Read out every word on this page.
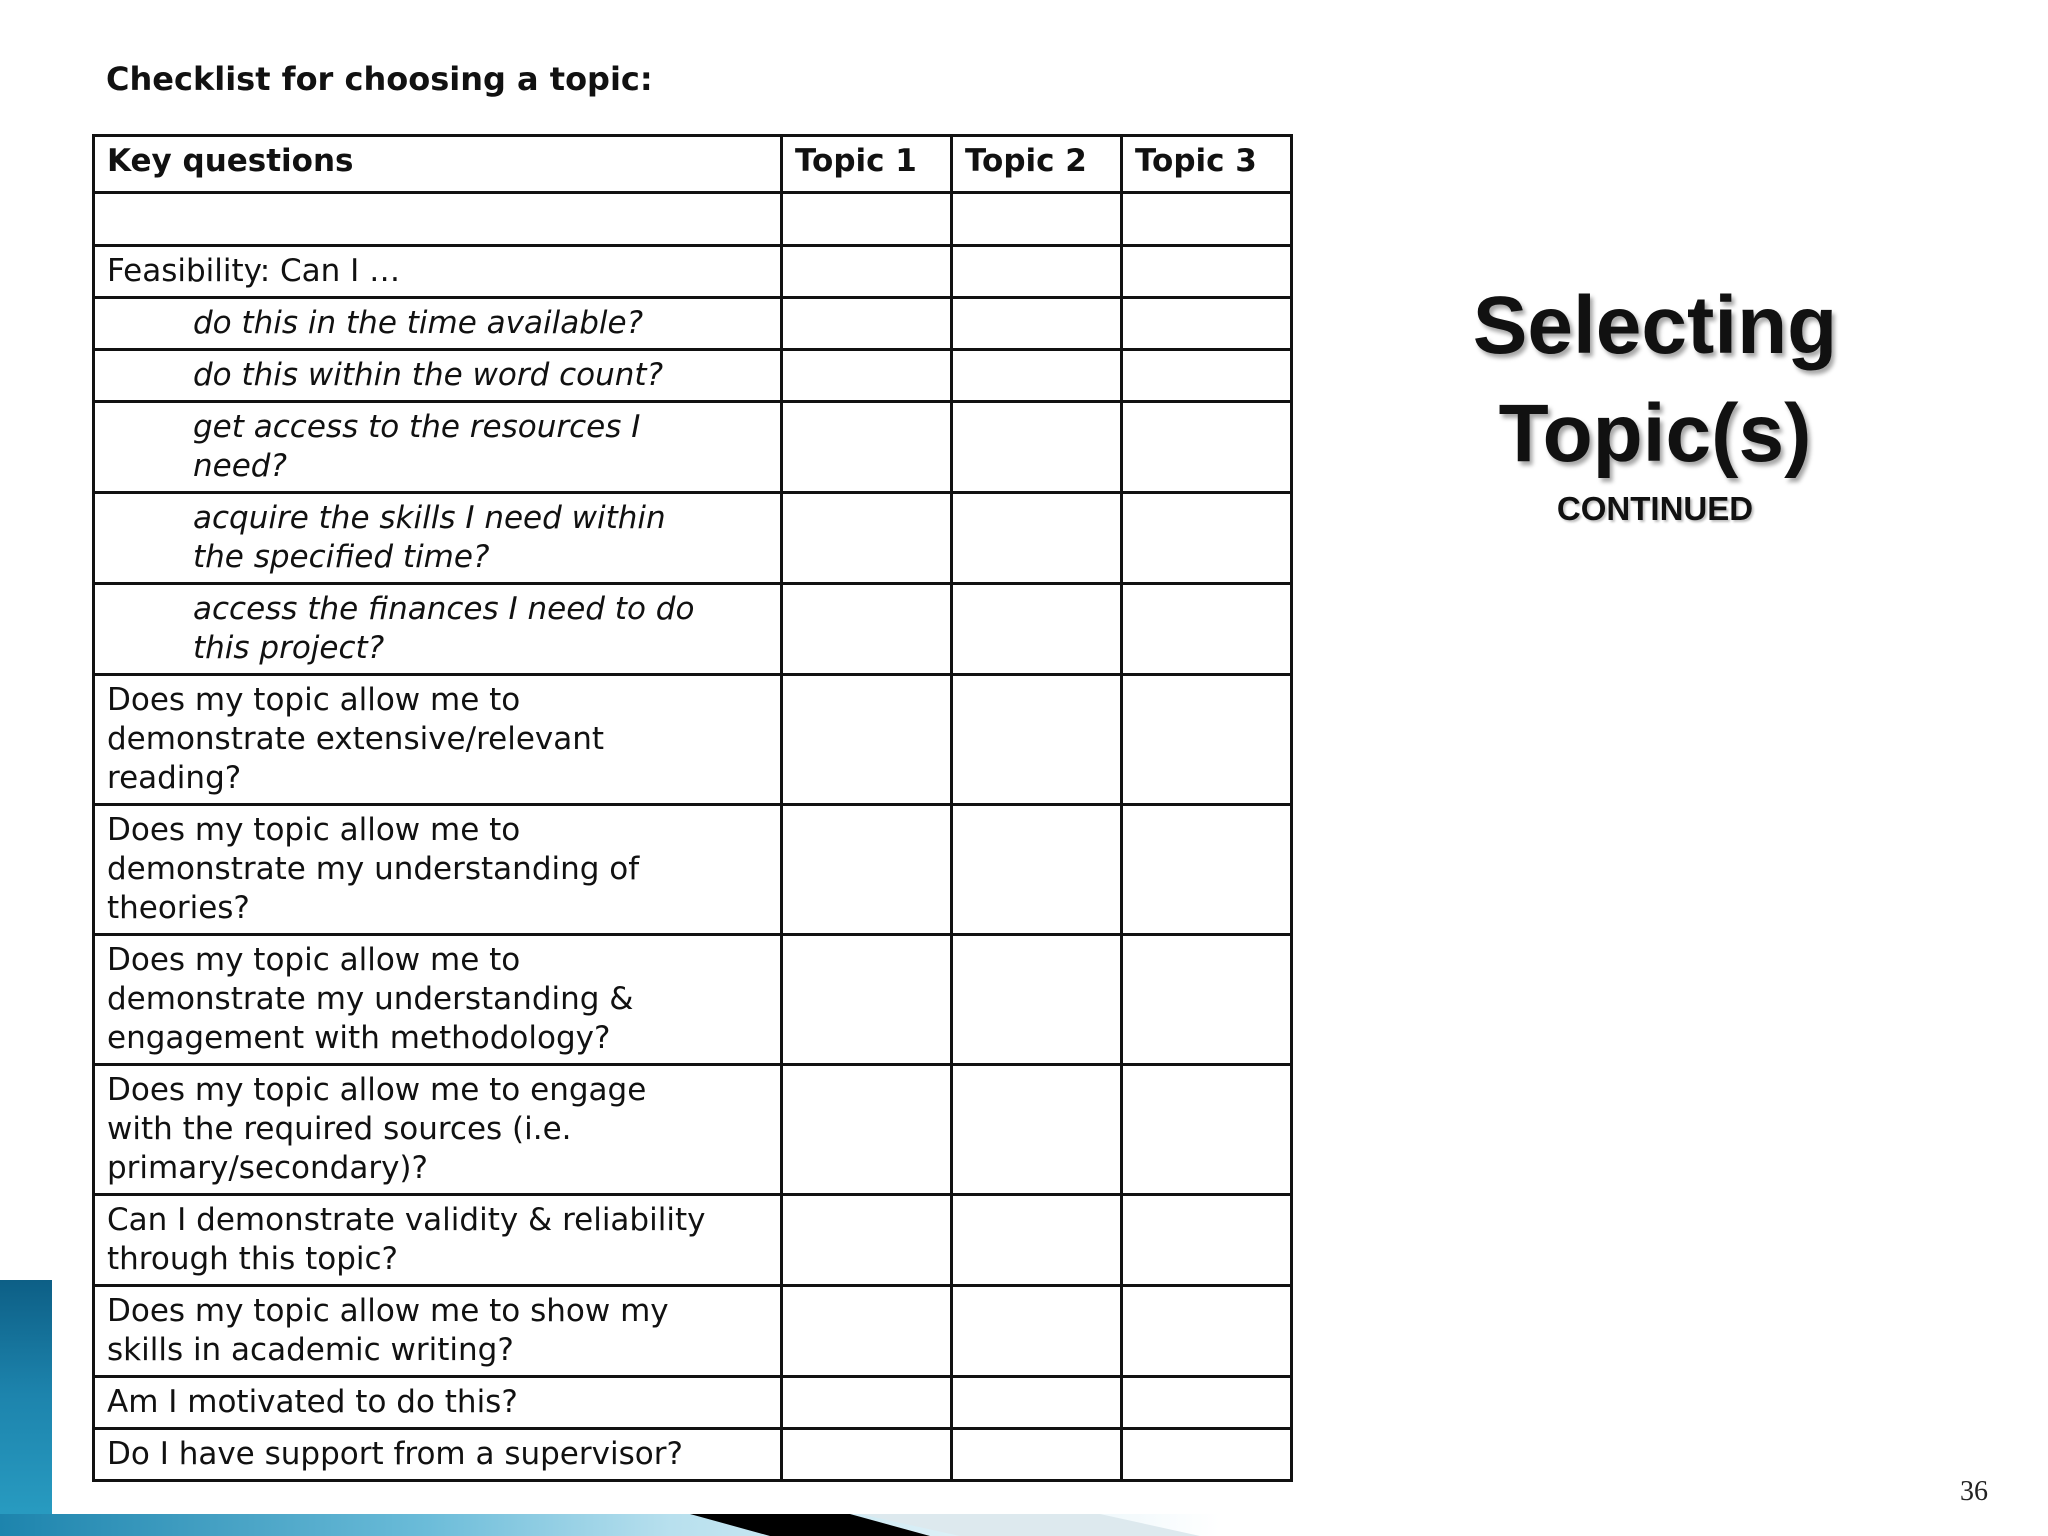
Checklist for choosing a topic:
Key questions	Topic 1	Topic 2	Topic 3

Feasibility: Can I …			
do this in the time available?			
do this within the word count?			
get access to the resources I
need?			
acquire the skills I need within
the specified time?			
access the finances I need to do
this project?			
Does my topic allow me to
demonstrate extensive/relevant
reading?			
Does my topic allow me to
demonstrate my understanding of
theories?			
Does my topic allow me to
demonstrate my understanding &
engagement with methodology?			
Does my topic allow me to engage
with the required sources (i.e.
primary/secondary)?			
Can I demonstrate validity & reliability
through this topic?			
Does my topic allow me to show my
skills in academic writing?			
Am I motivated to do this?			
Do I have support from a supervisor?			
Selecting
Topic(s)
CONTINUED
36
